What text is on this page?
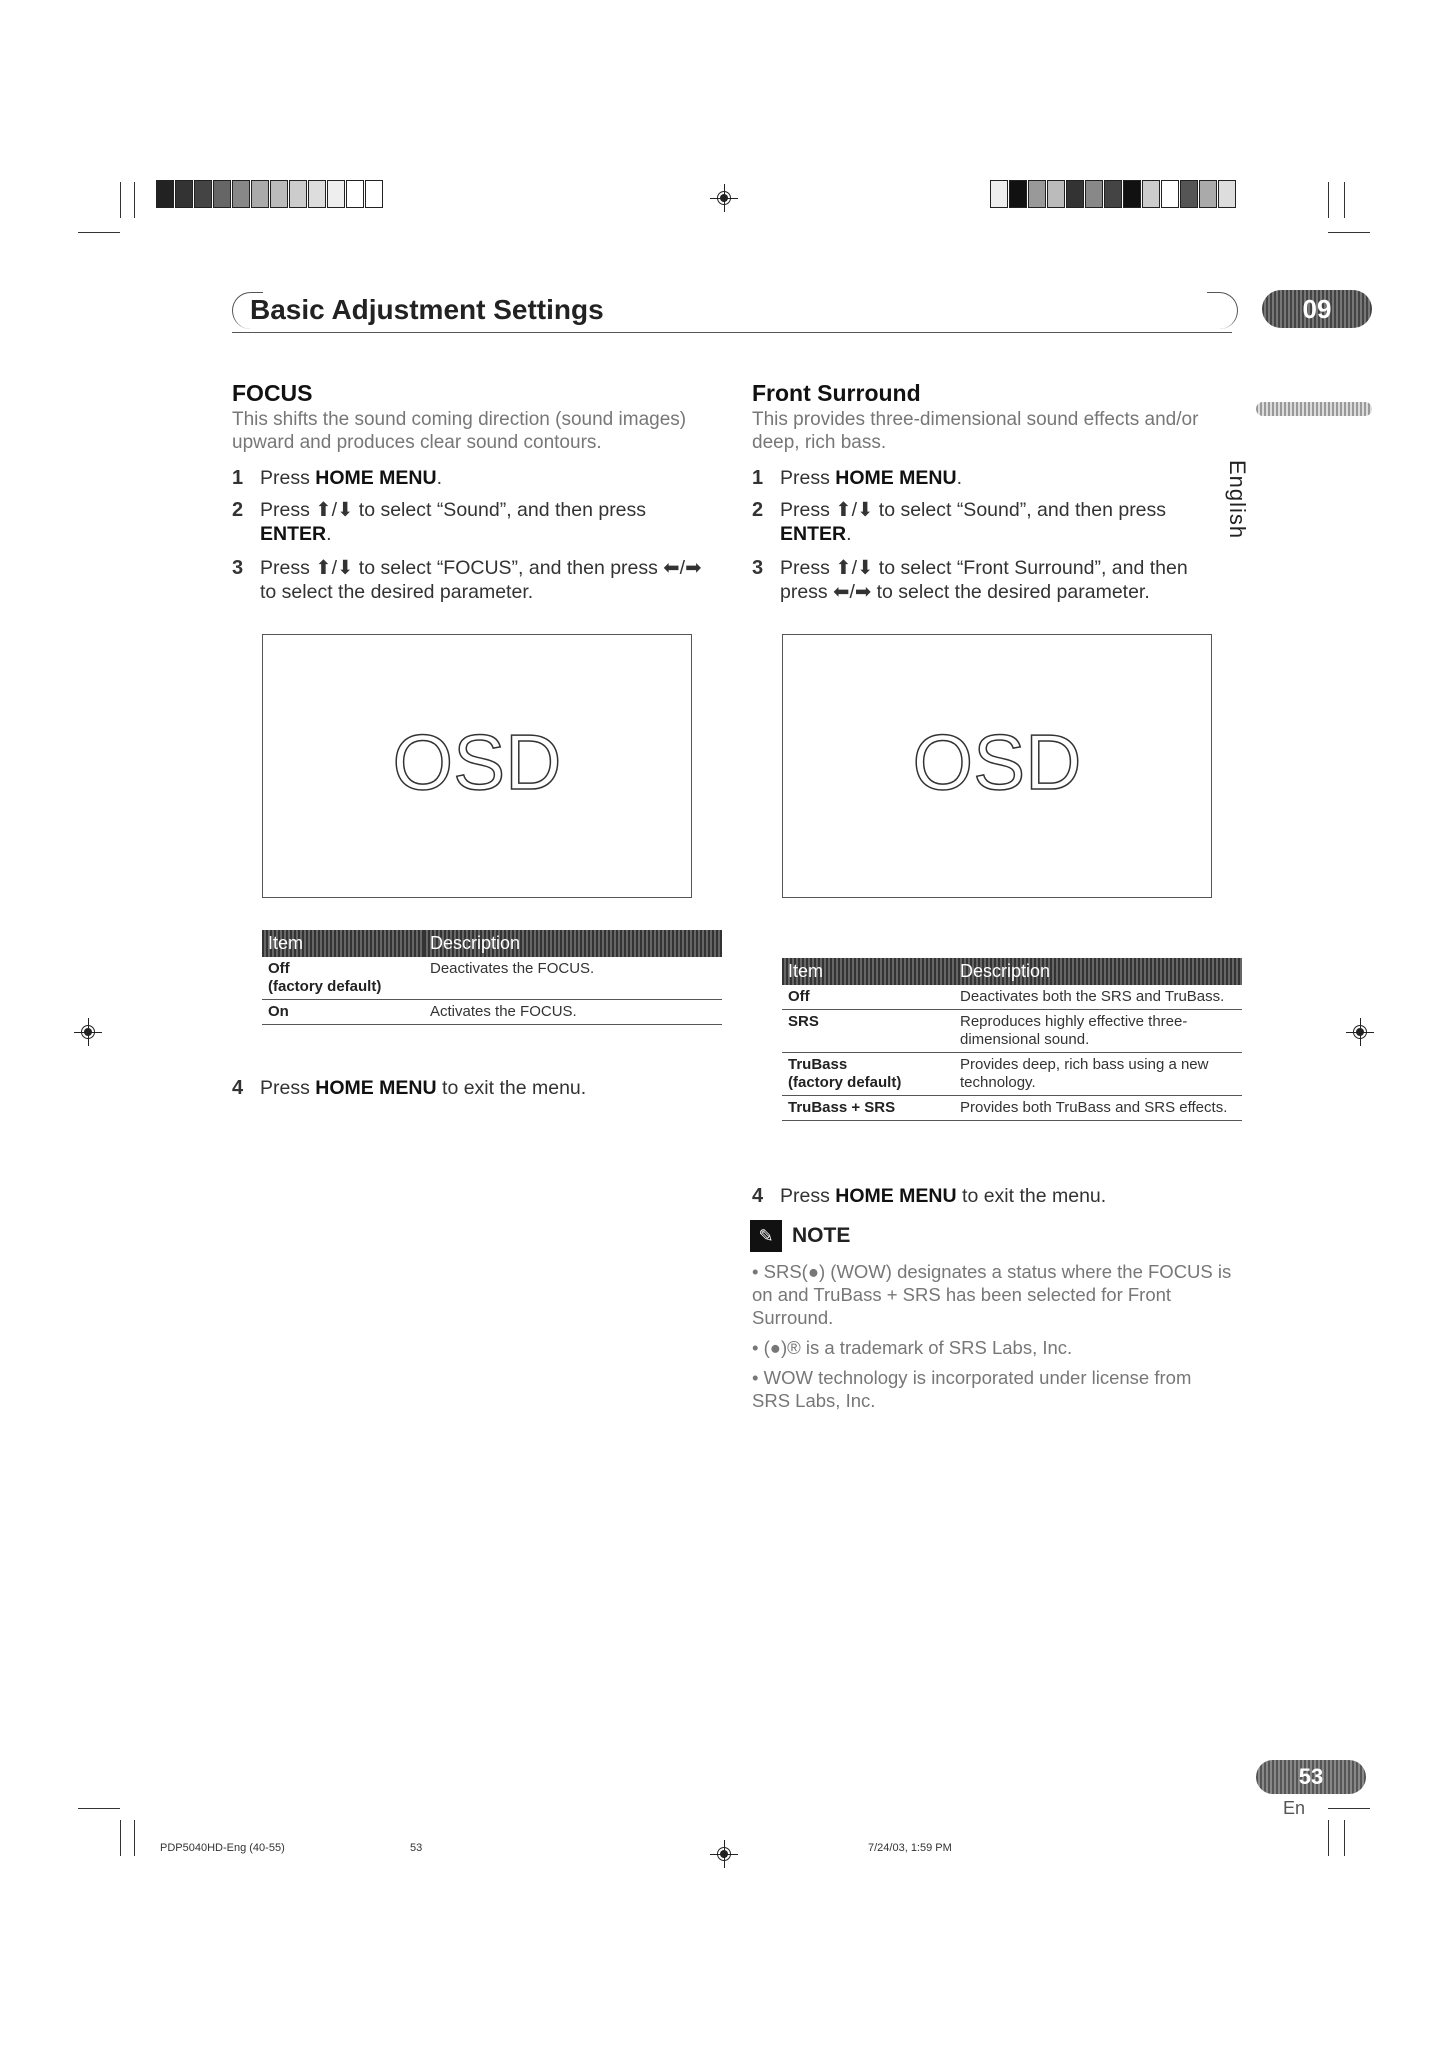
Basic Adjustment Settings	09
English
FOCUS
This shifts the sound coming direction (sound images) upward and produces clear sound contours.
1 Press HOME MENU.
2 Press ⬆/⬇ to select “Sound”, and then press ENTER.
3 Press ⬆/⬇ to select “FOCUS”, and then press ⬅/➡ to select the desired parameter.
OSD
Item	Description
Off
(factory default)	Deactivates the FOCUS.
On	Activates the FOCUS.
4 Press HOME MENU to exit the menu.
Front Surround
This provides three-dimensional sound effects and/or deep, rich bass.
1 Press HOME MENU.
2 Press ⬆/⬇ to select “Sound”, and then press ENTER.
3 Press ⬆/⬇ to select “Front Surround”, and then press ⬅/➡ to select the desired parameter.
OSD
Item	Description
Off	Deactivates both the SRS and TruBass.
SRS	Reproduces highly effective three-dimensional sound.
TruBass
(factory default)	Provides deep, rich bass using a new technology.
TruBass + SRS	Provides both TruBass and SRS effects.
4 Press HOME MENU to exit the menu.
✎ NOTE
• SRS(●) (WOW) designates a status where the FOCUS is on and TruBass + SRS has been selected for Front Surround.
• (●)® is a trademark of SRS Labs, Inc.
• WOW technology is incorporated under license from SRS Labs, Inc.
53
En
PDP5040HD-Eng (40-55)	53	7/24/03, 1:59 PM
